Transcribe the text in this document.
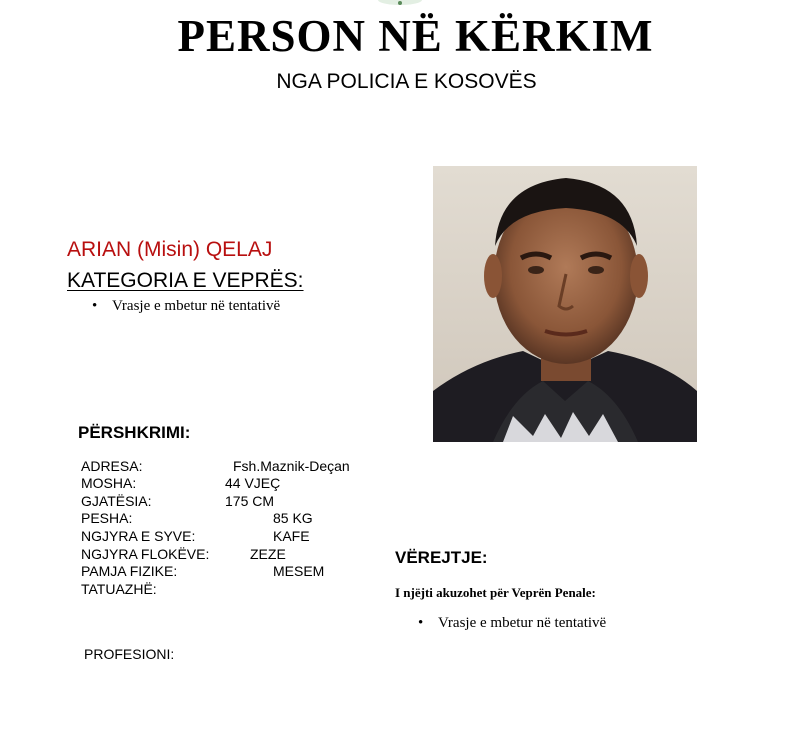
PERSON NË KËRKIM
NGA POLICIA E KOSOVËS
ARIAN (Misin) QELAJ
KATEGORIA E VEPRËS:
• Vrasje e mbetur në tentativë
PËRSHKRIMI:
ADRESA:	Fsh.Maznik-Deçan
MOSHA:	44 VJEÇ
GJATËSIA:	175 CM
PESHA:	85 KG
NGJYRA E SYVE:	KAFE
NGJYRA FLOKËVE:	ZEZE
PAMJA FIZIKE:	MESEM
TATUAZHË:
PROFESIONI:
VËREJTJE:
I njëjti akuzohet për Veprën Penale:
• Vrasje e mbetur në tentativë
